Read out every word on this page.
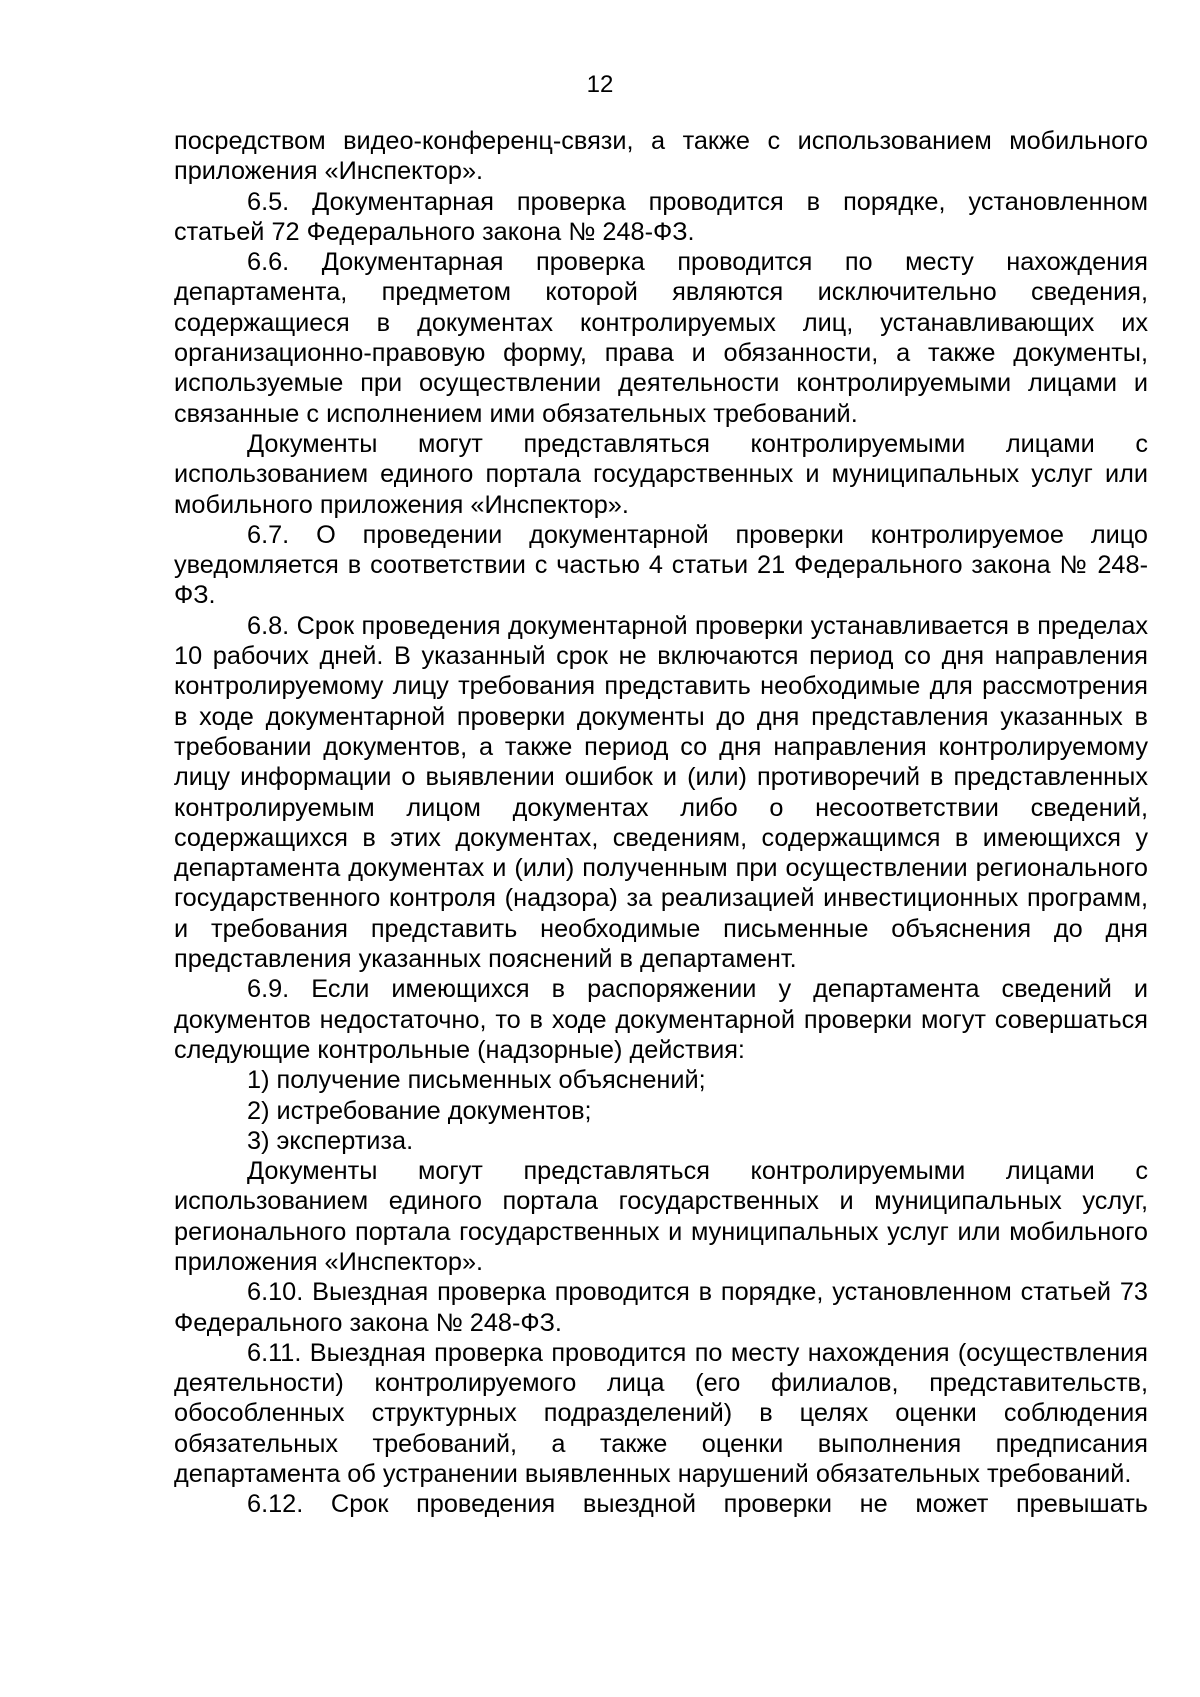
12

посредством видео-конференц-связи, а также с использованием мобильного приложения «Инспектор».

6.5. Документарная проверка проводится в порядке, установленном статьей 72 Федерального закона № 248-ФЗ.

6.6. Документарная проверка проводится по месту нахождения департамента, предметом которой являются исключительно сведения, содержащиеся в документах контролируемых лиц, устанавливающих их организационно-правовую форму, права и обязанности, а также документы, используемые при осуществлении деятельности контролируемыми лицами и связанные с исполнением ими обязательных требований.

Документы могут представляться контролируемыми лицами с использованием единого портала государственных и муниципальных услуг или мобильного приложения «Инспектор».

6.7. О проведении документарной проверки контролируемое лицо уведомляется в соответствии с частью 4 статьи 21 Федерального закона № 248-ФЗ.

6.8. Срок проведения документарной проверки устанавливается в пределах 10 рабочих дней. В указанный срок не включаются период со дня направления контролируемому лицу требования представить необходимые для рассмотрения в ходе документарной проверки документы до дня представления указанных в требовании документов, а также период со дня направления контролируемому лицу информации о выявлении ошибок и (или) противоречий в представленных контролируемым лицом документах либо о несоответствии сведений, содержащихся в этих документах, сведениям, содержащимся в имеющихся у департамента документах и (или) полученным при осуществлении регионального государственного контроля (надзора) за реализацией инвестиционных программ, и требования представить необходимые письменные объяснения до дня представления указанных пояснений в департамент.

6.9. Если имеющихся в распоряжении у департамента сведений и документов недостаточно, то в ходе документарной проверки могут совершаться следующие контрольные (надзорные) действия:

1) получение письменных объяснений;

2) истребование документов;

3) экспертиза.

Документы могут представляться контролируемыми лицами с использованием единого портала государственных и муниципальных услуг, регионального портала государственных и муниципальных услуг или мобильного приложения «Инспектор».

6.10. Выездная проверка проводится в порядке, установленном статьей 73 Федерального закона № 248-ФЗ.

6.11. Выездная проверка проводится по месту нахождения (осуществления деятельности) контролируемого лица (его филиалов, представительств, обособленных структурных подразделений) в целях оценки соблюдения обязательных требований, а также оценки выполнения предписания департамента об устранении выявленных нарушений обязательных требований.

6.12. Срок проведения выездной проверки не может превышать
